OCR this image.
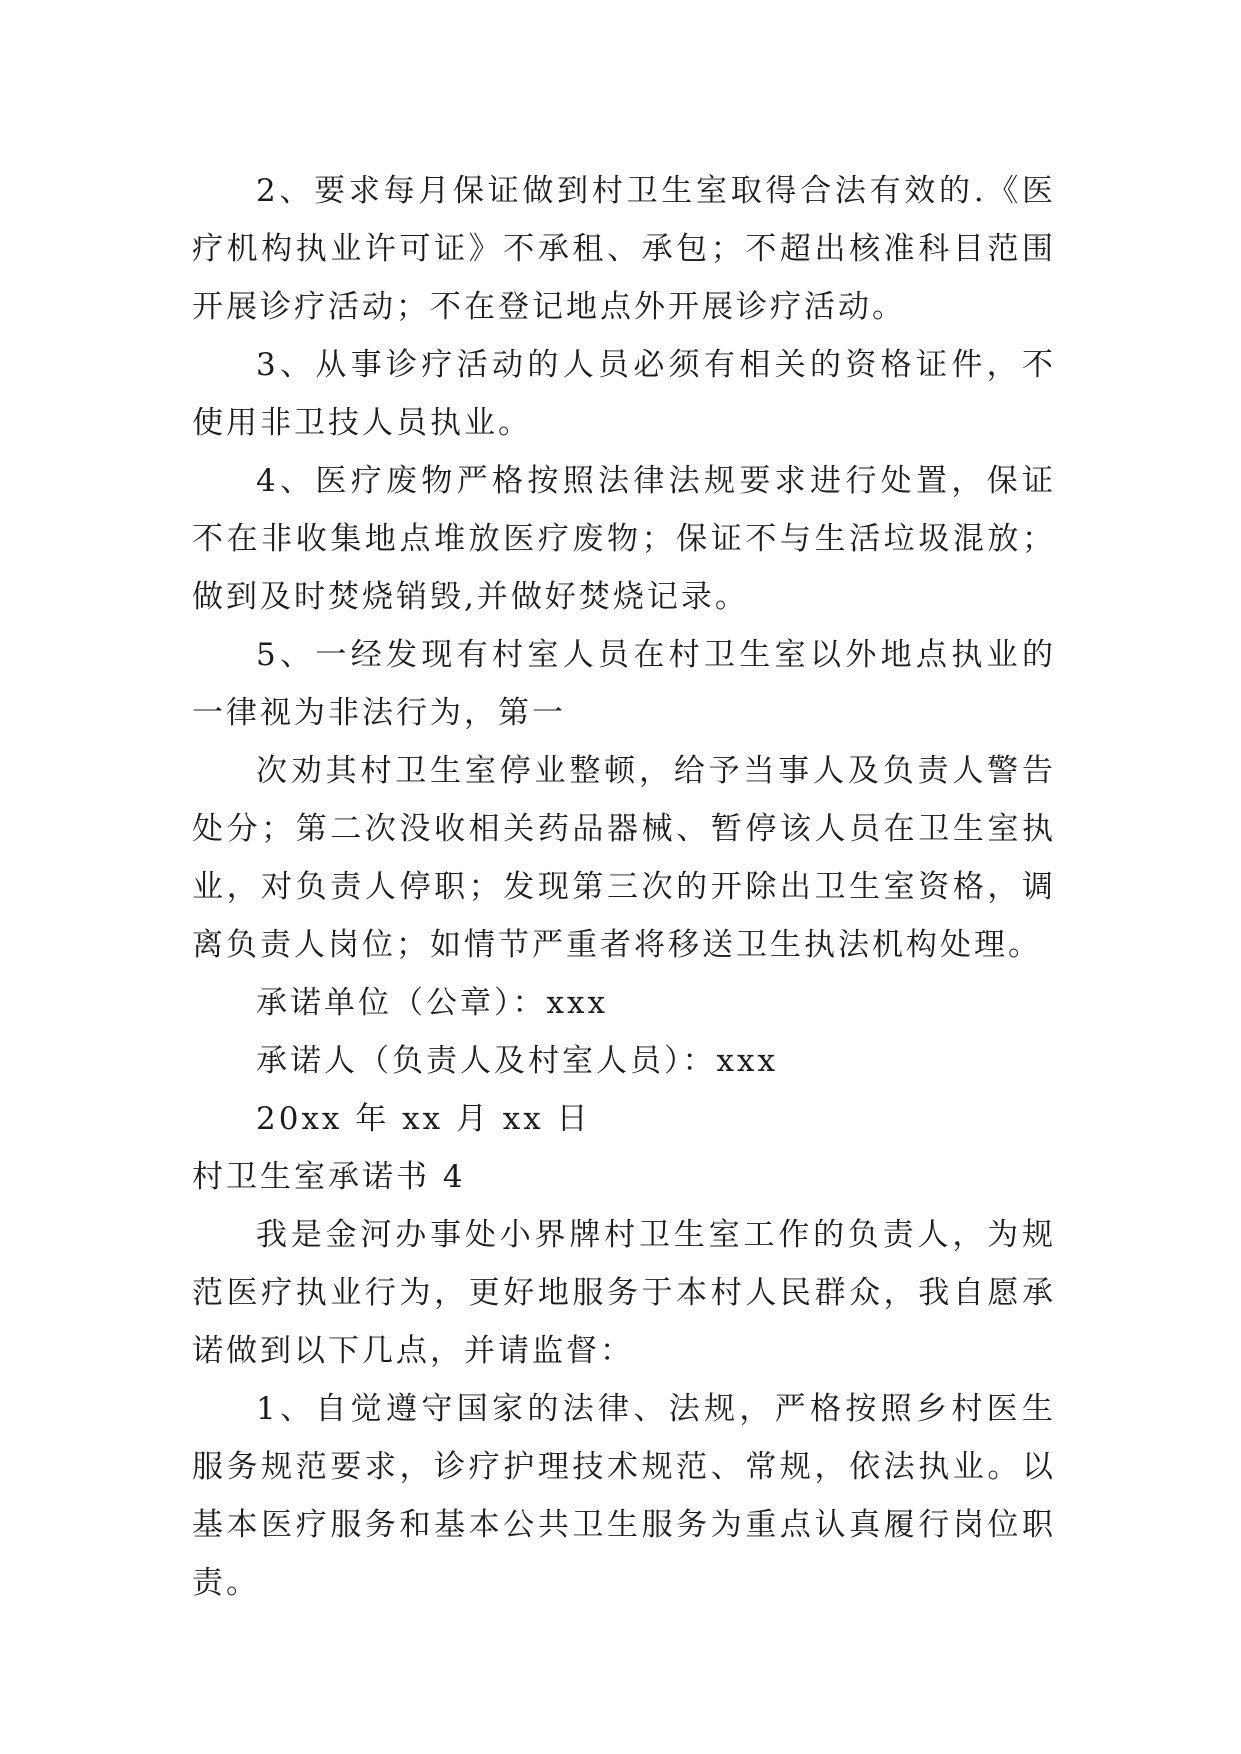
2、要求每月保证做到村卫生室取得合法有效的.《医疗机构执业许可证》不承租、承包；不超出核准科目范围开展诊疗活动；不在登记地点外开展诊疗活动。

3、从事诊疗活动的人员必须有相关的资格证件，不使用非卫技人员执业。

4、医疗废物严格按照法律法规要求进行处置，保证不在非收集地点堆放医疗废物；保证不与生活垃圾混放；做到及时焚烧销毁,并做好焚烧记录。

5、一经发现有村室人员在村卫生室以外地点执业的一律视为非法行为，第一

次劝其村卫生室停业整顿，给予当事人及负责人警告处分；第二次没收相关药品器械、暂停该人员在卫生室执业，对负责人停职；发现第三次的开除出卫生室资格，调离负责人岗位；如情节严重者将移送卫生执法机构处理。

承诺单位（公章）：xxx

承诺人（负责人及村室人员）：xxx

20xx 年 xx 月 xx 日

村卫生室承诺书 4

我是金河办事处小界牌村卫生室工作的负责人，为规范医疗执业行为，更好地服务于本村人民群众，我自愿承诺做到以下几点，并请监督：

1、自觉遵守国家的法律、法规，严格按照乡村医生服务规范要求，诊疗护理技术规范、常规，依法执业。以基本医疗服务和基本公共卫生服务为重点认真履行岗位职责。
